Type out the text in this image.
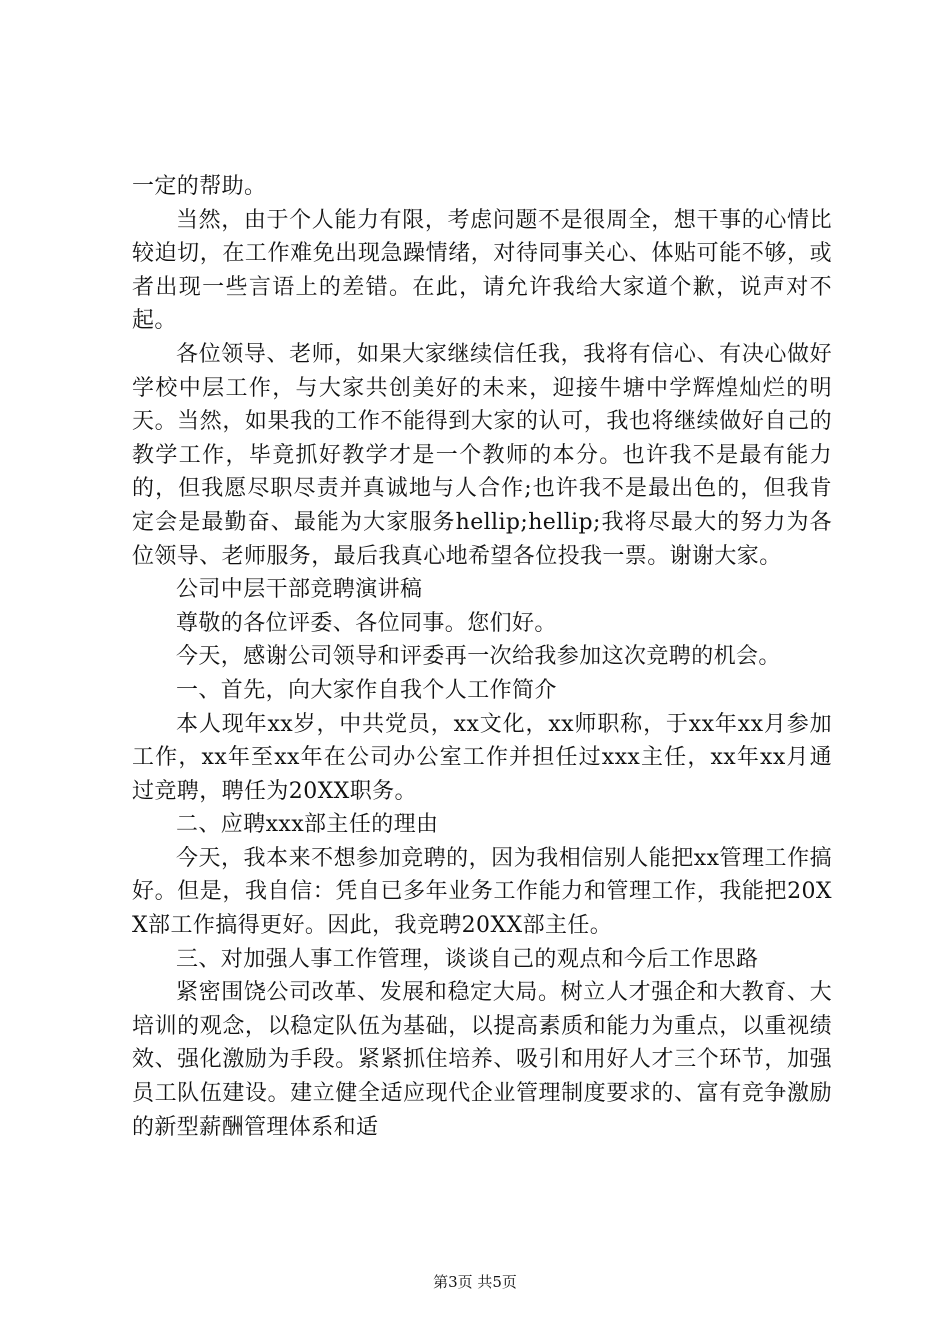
一定的帮助。

当然，由于个人能力有限，考虑问题不是很周全，想干事的心情比较迫切，在工作难免出现急躁情绪，对待同事关心、体贴可能不够，或者出现一些言语上的差错。在此，请允许我给大家道个歉，说声对不起。

各位领导、老师，如果大家继续信任我，我将有信心、有决心做好学校中层工作，与大家共创美好的未来，迎接牛塘中学辉煌灿烂的明天。当然，如果我的工作不能得到大家的认可，我也将继续做好自己的教学工作，毕竟抓好教学才是一个教师的本分。也许我不是最有能力的，但我愿尽职尽责并真诚地与人合作;也许我不是最出色的，但我肯定会是最勤奋、最能为大家服务hellip;hellip;我将尽最大的努力为各位领导、老师服务，最后我真心地希望各位投我一票。谢谢大家。

公司中层干部竞聘演讲稿

尊敬的各位评委、各位同事。您们好。

今天，感谢公司领导和评委再一次给我参加这次竞聘的机会。

一、首先，向大家作自我个人工作简介

本人现年xx岁，中共党员，xx文化，xx师职称，于xx年xx月参加工作，xx年至xx年在公司办公室工作并担任过xxx主任，xx年xx月通过竞聘，聘任为20XX职务。

二、应聘xxx部主任的理由

今天，我本来不想参加竞聘的，因为我相信别人能把xx管理工作搞好。但是，我自信：凭自已多年业务工作能力和管理工作，我能把20XX部工作搞得更好。因此，我竞聘20XX部主任。

三、对加强人事工作管理，谈谈自己的观点和今后工作思路

紧密围饶公司改革、发展和稳定大局。树立人才强企和大教育、大培训的观念，以稳定队伍为基础，以提高素质和能力为重点，以重视绩效、强化激励为手段。紧紧抓住培养、吸引和用好人才三个环节，加强员工队伍建设。建立健全适应现代企业管理制度要求的、富有竞争激励的新型薪酬管理体系和适

第3页 共5页
